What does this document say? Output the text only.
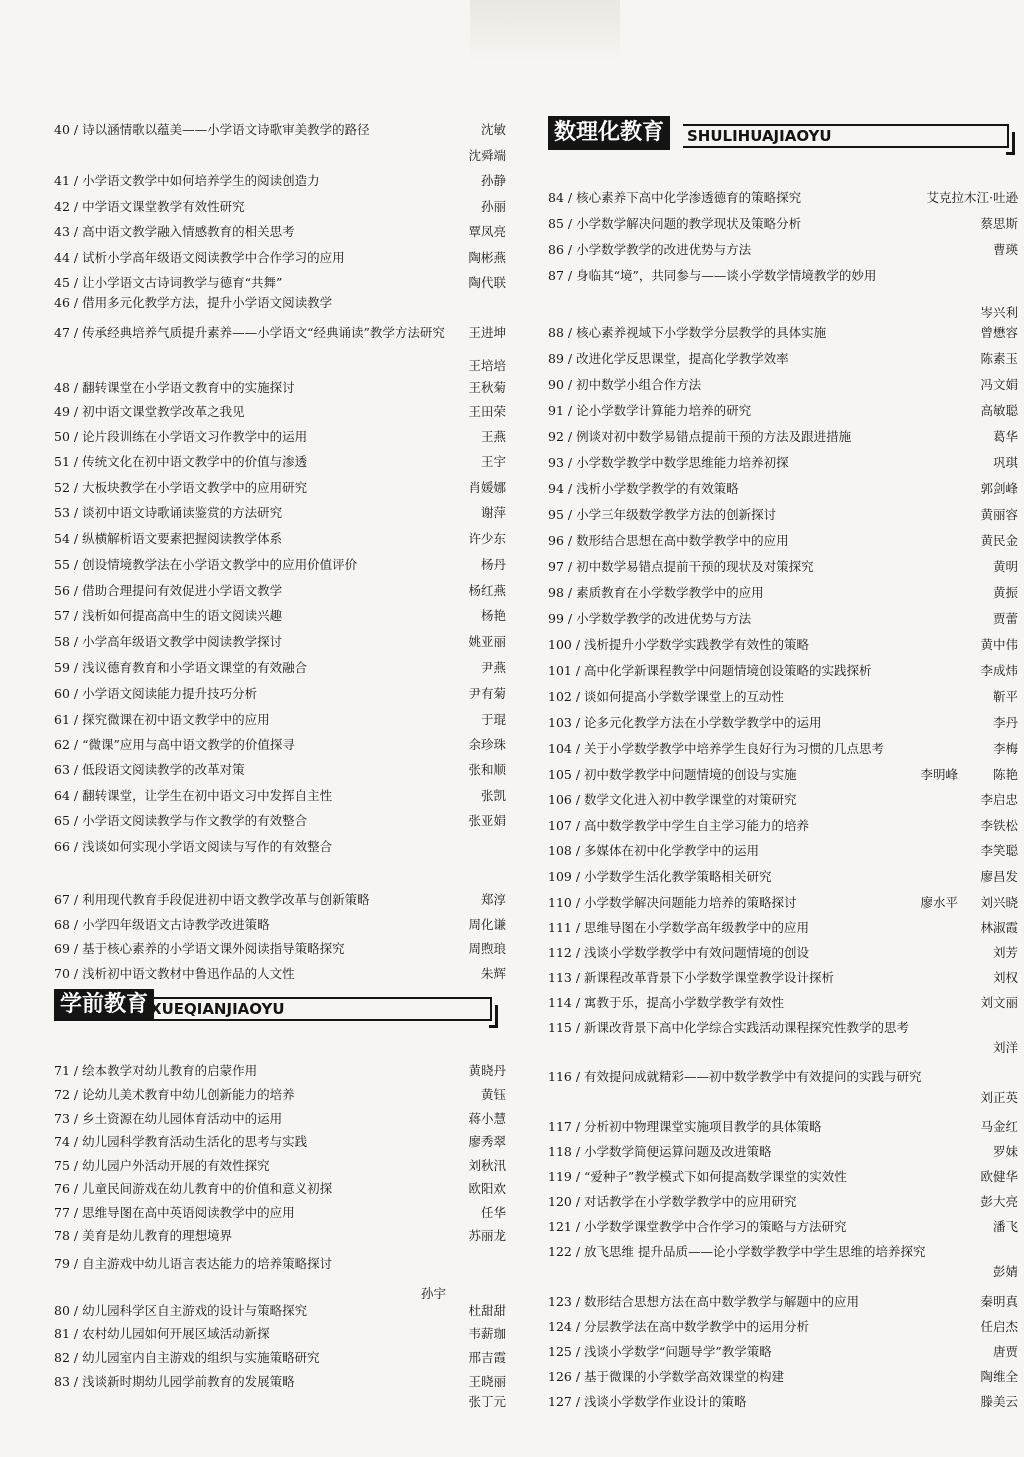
40 / 诗以涵情歌以蕴美——小学语文诗歌审美教学的路径	沈敏
沈舜端
41 / 小学语文教学中如何培养学生的阅读创造力	孙静
42 / 中学语文课堂教学有效性研究	孙丽
43 / 高中语文教学融入情感教育的相关思考	覃凤亮
44 / 试析小学高年级语文阅读教学中合作学习的应用	陶彬燕
45 / 让小学语文古诗词教学与德育“共舞”	陶代联
46 / 借用多元化教学方法，提升小学语文阅读教学
47 / 传承经典培养气质提升素养——小学语文“经典诵读”教学方法研究 王进坤
王培培
48 / 翻转课堂在小学语文教育中的实施探讨	王秋菊
49 / 初中语文课堂教学改革之我见	王田荣
50 / 论片段训练在小学语文习作教学中的运用	王燕
51 / 传统文化在初中语文教学中的价值与渗透	王宇
52 / 大板块教学在小学语文教学中的应用研究	肖媛娜
53 / 谈初中语文诗歌诵读鉴赏的方法研究	谢萍
54 / 纵横解析语文要素把握阅读教学体系	许少东
55 / 创设情境教学法在小学语文教学中的应用价值评价	杨丹
56 / 借助合理提问有效促进小学语文教学	杨红燕
57 / 浅析如何提高高中生的语文阅读兴趣	杨艳
58 / 小学高年级语文教学中阅读教学探讨	姚亚丽
59 / 浅议德育教育和小学语文课堂的有效融合	尹燕
60 / 小学语文阅读能力提升技巧分析	尹有菊
61 / 探究微课在初中语文教学中的应用	于琨
62 / “微课”应用与高中语文教学的价值探寻	余珍珠
63 / 低段语文阅读教学的改革对策	张和顺
64 / 翻转课堂，让学生在初中语文习中发挥自主性	张凯
65 / 小学语文阅读教学与作文教学的有效整合	张亚娟
66 / 浅谈如何实现小学语文阅读与写作的有效整合
67 / 利用现代教育手段促进初中语文教学改革与创新策略	郑淳
68 / 小学四年级语文古诗教学改进策略	周化谦
69 / 基于核心素养的小学语文课外阅读指导策略探究	周煦琅
70 / 浅析初中语文教材中鲁迅作品的人文性	朱辉
学前教育 XUEQIANJIAOYU
71 / 绘本教学对幼儿教育的启蒙作用	黄晓丹
72 / 论幼儿美术教育中幼儿创新能力的培养	黄钰
73 / 乡土资源在幼儿园体育活动中的运用	蒋小慧
74 / 幼儿园科学教育活动生活化的思考与实践	廖秀翠
75 / 幼儿园户外活动开展的有效性探究	刘秋汛
76 / 儿童民间游戏在幼儿教育中的价值和意义初探	欧阳欢
77 / 思维导图在高中英语阅读教学中的应用	任华
78 / 美育是幼儿教育的理想境界	苏丽龙
79 / 自主游戏中幼儿语言表达能力的培养策略探讨
孙宇
80 / 幼儿园科学区自主游戏的设计与策略探究	杜甜甜
81 / 农村幼儿园如何开展区域活动新探	韦薪珈
82 / 幼儿园室内自主游戏的组织与实施策略研究	邢吉霞
83 / 浅谈新时期幼儿园学前教育的发展策略	王晓丽
张丁元
数理化教育	SHULIHUAJIAOYU
84 / 核心素养下高中化学渗透德育的策略探究	艾克拉木江·吐逊
85 / 小学数学解决问题的教学现状及策略分析	蔡思斯
86 / 小学数学教学的改进优势与方法	曹瑛
87 / 身临其“境”，共同参与——谈小学数学情境教学的妙用
岑兴利
88 / 核心素养视域下小学数学分层教学的具体实施	曾懋容
89 / 改进化学反思课堂，提高化学教学效率	陈素玉
90 / 初中数学小组合作方法	冯文娟
91 / 论小学数学计算能力培养的研究	高敏聪
92 / 例谈对初中数学易错点提前干预的方法及跟进措施	葛华
93 / 小学数学教学中数学思维能力培养初探	巩琪
94 / 浅析小学数学教学的有效策略	郭剑峰
95 / 小学三年级数学教学方法的创新探讨	黄丽容
96 / 数形结合思想在高中数学教学中的应用	黄民金
97 / 初中数学易错点提前干预的现状及对策探究	黄明
98 / 素质教育在小学数学教学中的应用	黄振
99 / 小学数学教学的改进优势与方法	贾蕾
100 / 浅析提升小学数学实践教学有效性的策略	黄中伟
101 / 高中化学新课程教学中问题情境创设策略的实践探析	李成炜
102 / 谈如何提高小学数学课堂上的互动性	靳平
103 / 论多元化教学方法在小学数学教学中的运用	李丹
104 / 关于小学数学教学中培养学生良好行为习惯的几点思考	李梅
105 / 初中数学教学中问题情境的创设与实施	陈艳
李明峰
106 / 数学文化进入初中教学课堂的对策研究	李启忠
107 / 高中数学教学中学生自主学习能力的培养	李铁松
108 / 多媒体在初中化学教学中的运用	李笑聪
109 / 小学数学生活化教学策略相关研究	廖昌发
110 / 小学数学解决问题能力培养的策略探讨	刘兴晓
廖水平
111 / 思维导图在小学数学高年级教学中的应用	林淑霞
112 / 浅谈小学数学教学中有效问题情境的创设	刘芳
113 / 新课程改革背景下小学数学课堂教学设计探析	刘权
114 / 寓教于乐，提高小学数学教学有效性	刘文丽
115 / 新课改背景下高中化学综合实践活动课程探究性教学的思考
刘洋
116 / 有效提问成就精彩——初中数学教学中有效提问的实践与研究
刘正英
117 / 分析初中物理课堂实施项目教学的具体策略	马金红
118 / 小学数学简便运算问题及改进策略	罗妹
119 / “爱种子”教学模式下如何提高数学课堂的实效性	欧健华
120 / 对话教学在小学数学教学中的应用研究	彭大亮
121 / 小学数学课堂教学中合作学习的策略与方法研究	潘飞
122 / 放飞思维 提升品质——论小学数学教学中学生思维的培养探究
彭婧
123 / 数形结合思想方法在高中数学教学与解题中的应用	秦明真
124 / 分层教学法在高中数学教学中的运用分析	任启杰
125 / 浅谈小学数学“问题导学”教学策略	唐贾
126 / 基于微课的小学数学高效课堂的构建	陶维全
127 / 浅谈小学数学作业设计的策略	滕美云
